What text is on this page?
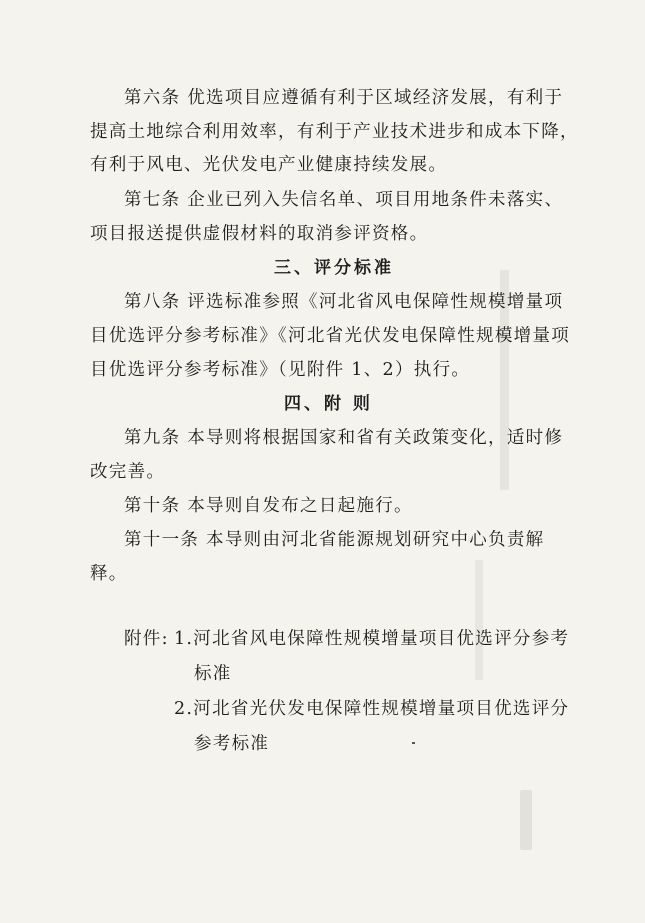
第六条 优选项目应遵循有利于区域经济发展，有利于
提高土地综合利用效率，有利于产业技术进步和成本下降，
有利于风电、光伏发电产业健康持续发展。
第七条 企业已列入失信名单、项目用地条件未落实、
项目报送提供虚假材料的取消参评资格。
三、评分标准
第八条 评选标准参照《河北省风电保障性规模增量项
目优选评分参考标准》《河北省光伏发电保障性规模增量项
目优选评分参考标准》（见附件 1、2）执行。
四、附 则
第九条 本导则将根据国家和省有关政策变化，适时修
改完善。
第十条 本导则自发布之日起施行。
第十一条 本导则由河北省能源规划研究中心负责解
释。
附件: 1.河北省风电保障性规模增量项目优选评分参考
标准
2.河北省光伏发电保障性规模增量项目优选评分
参考标准
